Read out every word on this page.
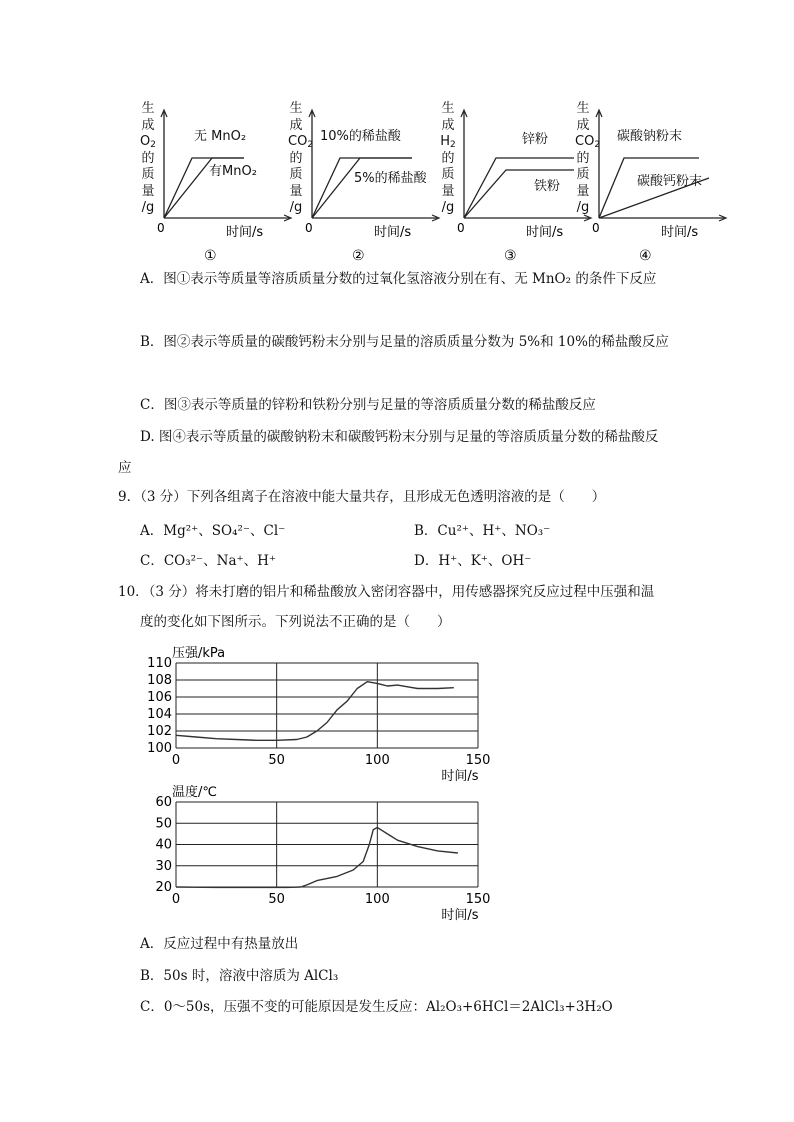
生
成
$O_2$
的
质
量
/g
无 MnO₂
有MnO₂
0	时间/s
①
生
成
$CO_2$
的
质
量
/g
10%的稀盐酸
5%的稀盐酸
0	时间/s
②
生
成
$H_2$
的
质
量
/g
锌粉
铁粉
0	时间/s
③
生
成
$CO_2$
的
质
量
/g
碳酸钠粉末
碳酸钙粉末
0	时间/s
④
A．图①表示等质量等溶质质量分数的过氧化氢溶液分别在有、无 MnO₂ 的条件下反应
B．图②表示等质量的碳酸钙粉末分别与足量的溶质质量分数为 5%和 10%的稀盐酸反应
C．图③表示等质量的锌粉和铁粉分别与足量的等溶质质量分数的稀盐酸反应
D. 图④表示等质量的碳酸钠粉末和碳酸钙粉末分别与足量的等溶质质量分数的稀盐酸反
应
9．（3 分）下列各组离子在溶液中能大量共存，且形成无色透明溶液的是（　　）
A．Mg²⁺、SO₄²⁻、Cl⁻	B．Cu²⁺、H⁺、NO₃⁻
C．CO₃²⁻、Na⁺、H⁺	D．H⁺、K⁺、OH⁻
10．（3 分）将未打磨的铝片和稀盐酸放入密闭容器中，用传感器探究反应过程中压强和温
度的变化如下图所示。下列说法不正确的是（　　）
100
102
104
106
108
110
0	50	100	150
压强/kPa
时间/s
20
30
40
50
60
0	50	100	150
温度/℃
时间/s
A．反应过程中有热量放出
B．50s 时，溶液中溶质为 AlCl₃
C．0～50s，压强不变的可能原因是发生反应：Al₂O₃+6HCl＝2AlCl₃+3H₂O
